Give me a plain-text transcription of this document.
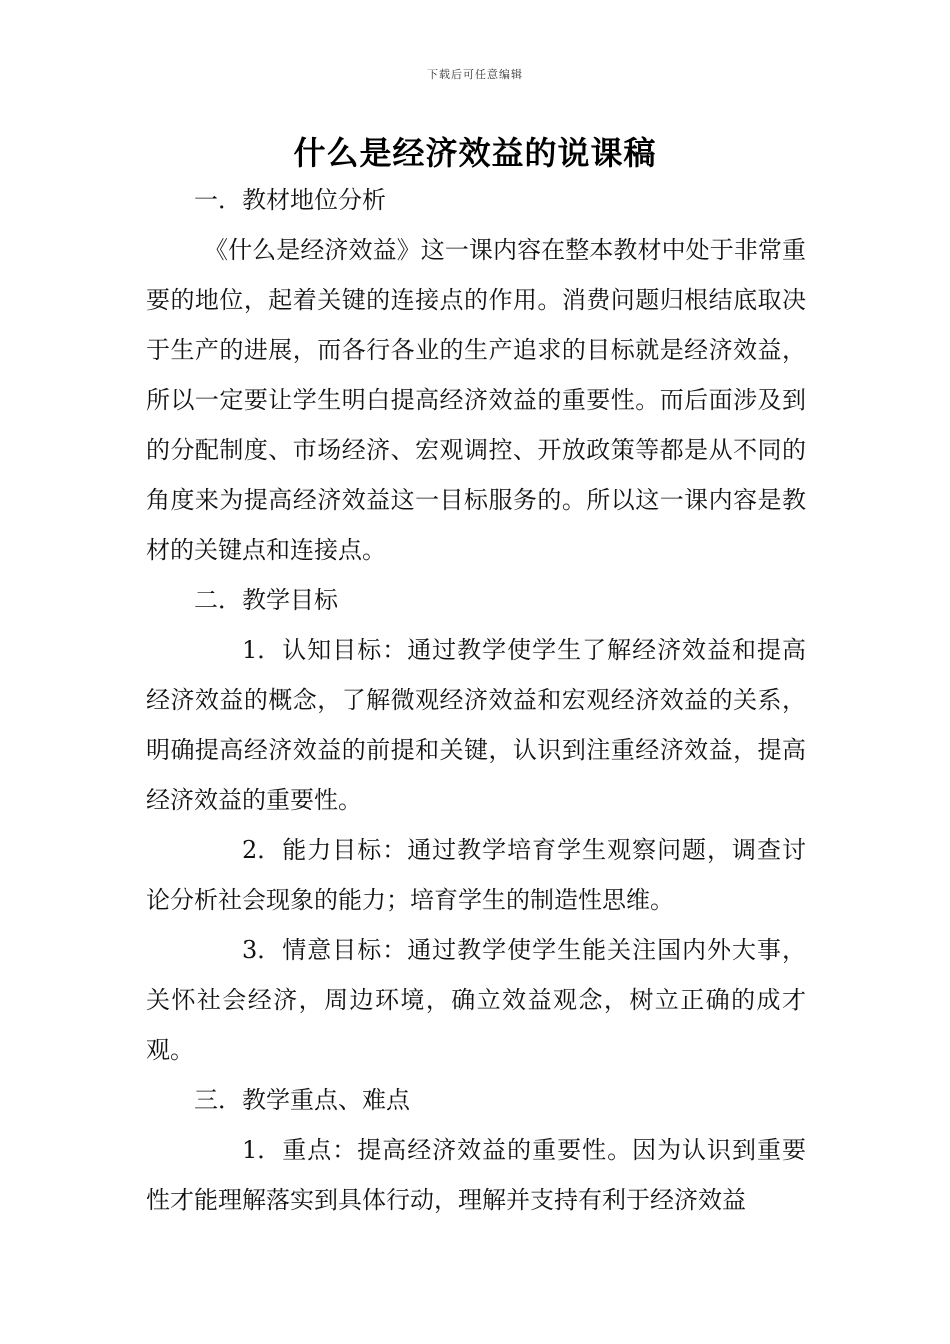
下载后可任意编辑
什么是经济效益的说课稿

一．教材地位分析

《什么是经济效益》这一课内容在整本教材中处于非常重要的地位，起着关键的连接点的作用。消费问题归根结底取决于生产的进展，而各行各业的生产追求的目标就是经济效益，所以一定要让学生明白提高经济效益的重要性。而后面涉及到的分配制度、市场经济、宏观调控、开放政策等都是从不同的角度来为提高经济效益这一目标服务的。所以这一课内容是教材的关键点和连接点。

二．教学目标

1．认知目标：通过教学使学生了解经济效益和提高经济效益的概念，了解微观经济效益和宏观经济效益的关系，明确提高经济效益的前提和关键，认识到注重经济效益，提高经济效益的重要性。

2．能力目标：通过教学培育学生观察问题，调查讨论分析社会现象的能力；培育学生的制造性思维。

3．情意目标：通过教学使学生能关注国内外大事，关怀社会经济，周边环境，确立效益观念，树立正确的成才观。

三．教学重点、难点

1．重点：提高经济效益的重要性。因为认识到重要性才能理解落实到具体行动，理解并支持有利于经济效益
